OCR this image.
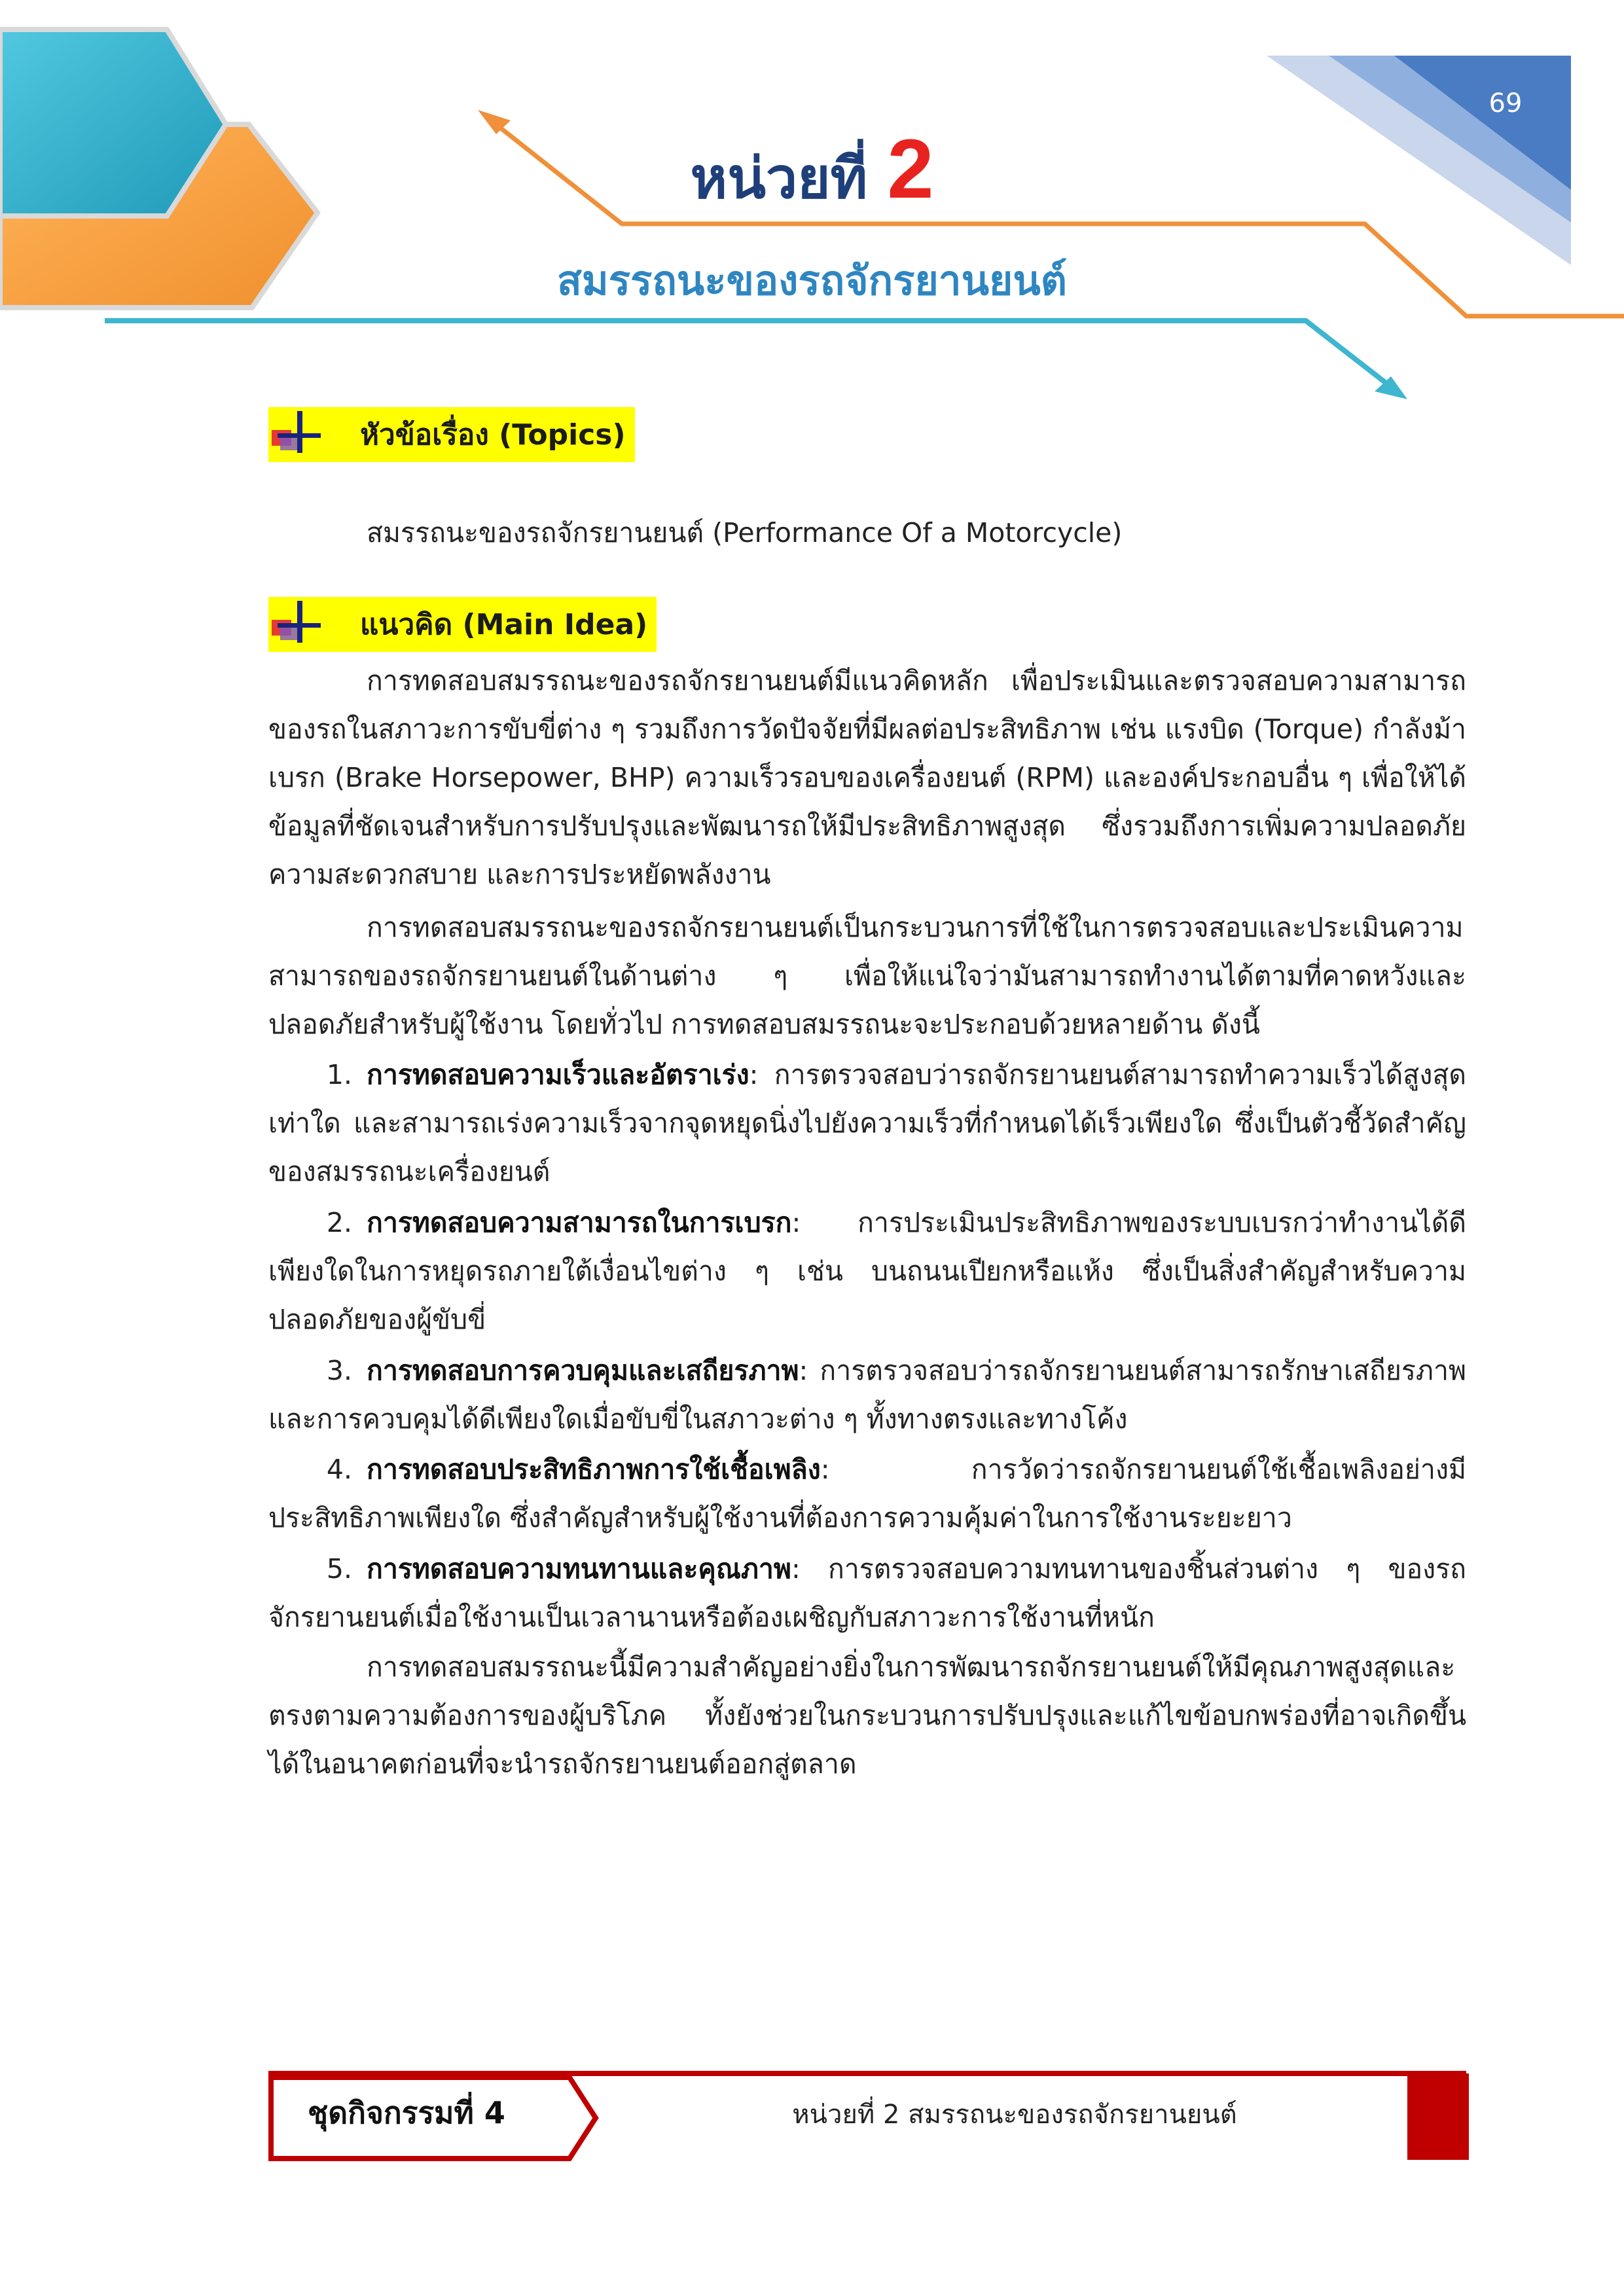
69
หน่วยที่ 2
สมรรถนะของรถจักรยานยนต์
หัวข้อเรื่อง (Topics)
สมรรถนะของรถจักรยานยนต์ (Performance Of a Motorcycle)
แนวคิด (Main Idea)

การทดสอบสมรรถนะของรถจักรยานยนต์มีแนวคิดหลัก เพื่อประเมินและตรวจสอบความสามารถของรถในสภาวะการขับขี่ต่าง ๆ รวมถึงการวัดปัจจัยที่มีผลต่อประสิทธิภาพ เช่น แรงบิด (Torque) กำลังม้าเบรก (Brake Horsepower, BHP) ความเร็วรอบของเครื่องยนต์ (RPM) และองค์ประกอบอื่น ๆ เพื่อให้ได้ข้อมูลที่ชัดเจนสำหรับการปรับปรุงและพัฒนารถให้มีประสิทธิภาพสูงสุด ซึ่งรวมถึงการเพิ่มความปลอดภัย ความสะดวกสบาย และการประหยัดพลังงาน

การทดสอบสมรรถนะของรถจักรยานยนต์เป็นกระบวนการที่ใช้ในการตรวจสอบและประเมินความสามารถของรถจักรยานยนต์ในด้านต่าง ๆ เพื่อให้แน่ใจว่ามันสามารถทำงานได้ตามที่คาดหวังและปลอดภัยสำหรับผู้ใช้งาน โดยทั่วไป การทดสอบสมรรถนะจะประกอบด้วยหลายด้าน ดังนี้

1. การทดสอบความเร็วและอัตราเร่ง: การตรวจสอบว่ารถจักรยานยนต์สามารถทำความเร็วได้สูงสุดเท่าใด และสามารถเร่งความเร็วจากจุดหยุดนิ่งไปยังความเร็วที่กำหนดได้เร็วเพียงใด ซึ่งเป็นตัวชี้วัดสำคัญของสมรรถนะเครื่องยนต์

2. การทดสอบความสามารถในการเบรก: การประเมินประสิทธิภาพของระบบเบรกว่าทำงานได้ดีเพียงใดในการหยุดรถภายใต้เงื่อนไขต่าง ๆ เช่น บนถนนเปียกหรือแห้ง ซึ่งเป็นสิ่งสำคัญสำหรับความปลอดภัยของผู้ขับขี่

3. การทดสอบการควบคุมและเสถียรภาพ: การตรวจสอบว่ารถจักรยานยนต์สามารถรักษาเสถียรภาพและการควบคุมได้ดีเพียงใดเมื่อขับขี่ในสภาวะต่าง ๆ ทั้งทางตรงและทางโค้ง

4. การทดสอบประสิทธิภาพการใช้เชื้อเพลิง: การวัดว่ารถจักรยานยนต์ใช้เชื้อเพลิงอย่างมีประสิทธิภาพเพียงใด ซึ่งสำคัญสำหรับผู้ใช้งานที่ต้องการความคุ้มค่าในการใช้งานระยะยาว

5. การทดสอบความทนทานและคุณภาพ: การตรวจสอบความทนทานของชิ้นส่วนต่าง ๆ ของรถจักรยานยนต์เมื่อใช้งานเป็นเวลานานหรือต้องเผชิญกับสภาวะการใช้งานที่หนัก

การทดสอบสมรรถนะนี้มีความสำคัญอย่างยิ่งในการพัฒนารถจักรยานยนต์ให้มีคุณภาพสูงสุดและตรงตามความต้องการของผู้บริโภค ทั้งยังช่วยในกระบวนการปรับปรุงและแก้ไขข้อบกพร่องที่อาจเกิดขึ้นได้ในอนาคตก่อนที่จะนำรถจักรยานยนต์ออกสู่ตลาด

ชุดกิจกรรมที่ 4	หน่วยที่ 2 สมรรถนะของรถจักรยานยนต์
